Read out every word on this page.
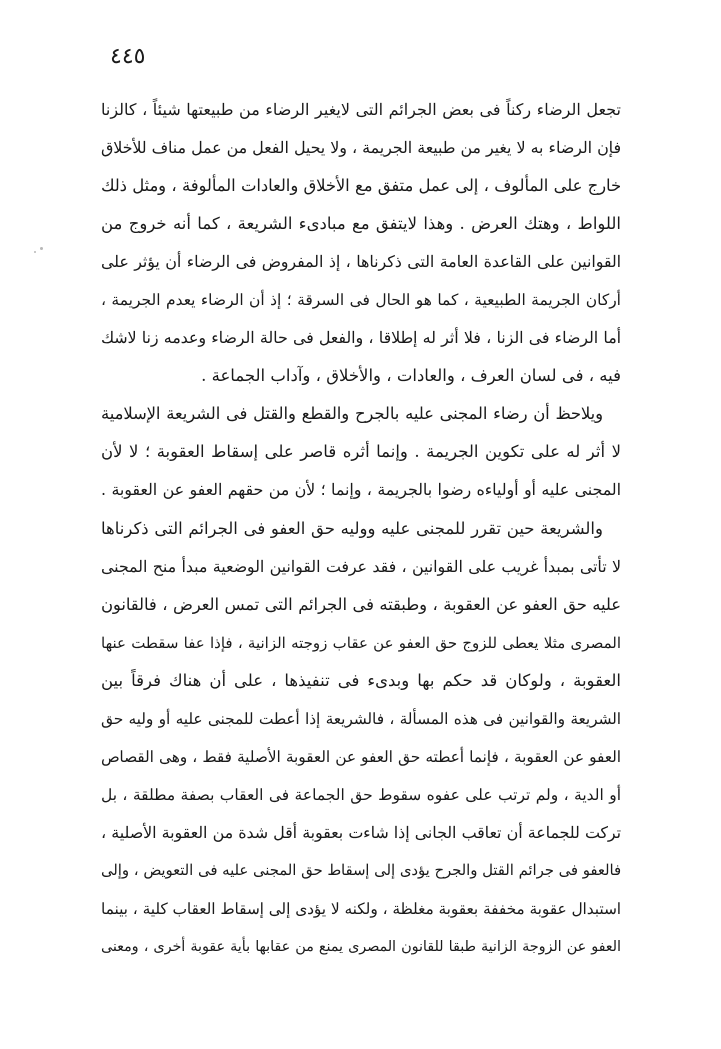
٤٤٥
تجعل الرضاء ركناً فى بعض الجرائم التى لايغير الرضاء من طبيعتها شيئاً ، كالزنا
فإن الرضاء به لا يغير من طبيعة الجريمة ، ولا يحيل الفعل من عمل مناف للأخلاق
خارج على المألوف ، إلى عمل متفق مع الأخلاق والعادات المألوفة ، ومثل ذلك
اللواط ، وهتك العرض . وهذا لايتفق مع مبادىء الشريعة ، كما أنه خروج من
القوانين على القاعدة العامة التى ذكرناها ، إذ المفروض فى الرضاء أن يؤثر على
أركان الجريمة الطبيعية ، كما هو الحال فى السرقة ؛ إذ أن الرضاء يعدم الجريمة ،
أما الرضاء فى الزنا ، فلا أثر له إطلاقا ، والفعل فى حالة الرضاء وعدمه زنا لاشك
فيه ، فى لسان العرف ، والعادات ، والأخلاق ، وآداب الجماعة .
ويلاحظ أن رضاء المجنى عليه بالجرح والقطع والقتل فى الشريعة الإسلامية
لا أثر له على تكوين الجريمة . وإنما أثره قاصر على إسقاط العقوبة ؛ لا لأن
المجنى عليه أو أولياءه رضوا بالجريمة ، وإنما ؛ لأن من حقهم العفو عن العقوبة .
والشريعة حين تقرر للمجنى عليه ووليه حق العفو فى الجرائم التى ذكرناها
لا تأتى بمبدأ غريب على القوانين ، فقد عرفت القوانين الوضعية مبدأ منح المجنى
عليه حق العفو عن العقوبة ، وطبقته فى الجرائم التى تمس العرض ، فالقانون
المصرى مثلا يعطى للزوج حق العفو عن عقاب زوجته الزانية ، فإذا عفا سقطت عنها
العقوبة ، ولوكان قد حكم بها وبدىء فى تنفيذها ، على أن هناك فرقاً بين
الشريعة والقوانين فى هذه المسألة ، فالشريعة إذا أعطت للمجنى عليه أو وليه حق
العفو عن العقوبة ، فإنما أعطته حق العفو عن العقوبة الأصلية فقط ، وهى القصاص
أو الدية ، ولم ترتب على عفوه سقوط حق الجماعة فى العقاب بصفة مطلقة ، بل
تركت للجماعة أن تعاقب الجانى إذا شاءت بعقوبة أقل شدة من العقوبة الأصلية ،
فالعفو فى جرائم القتل والجرح يؤدى إلى إسقاط حق المجنى عليه فى التعويض ، وإلى
استبدال عقوبة مخففة بعقوبة مغلظة ، ولكنه لا يؤدى إلى إسقاط العقاب كلية ، بينما
العفو عن الزوجة الزانية طبقا للقانون المصرى يمنع من عقابها بأية عقوبة أخرى ، ومعنى
